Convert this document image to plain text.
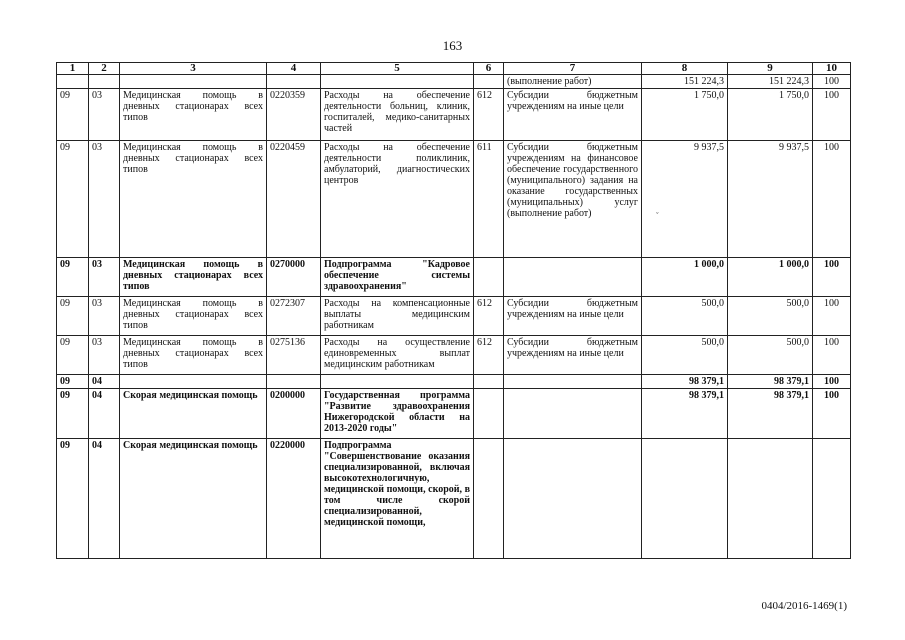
163
1	2	3	4	5	6	7	8	9	10
						(выполнение работ)	151 224,3	151 224,3	100
09	03	Медицинская помощь в дневных стационарах всех типов	0220359	Расходы на обеспечение деятельности больниц, клиник, госпиталей, медико-санитарных частей	612	Субсидии бюджетным учреждениям на иные цели	1 750,0	1 750,0	100
09	03	Медицинская помощь в дневных стационарах всех типов	0220459	Расходы на обеспечение деятельности поликлиник, амбулаторий, диагностических центров	611	Субсидии бюджетным учреждениям на финансовое обеспечение государственного (муниципального) задания на оказание государственных (муниципальных) услуг (выполнение работ)	9 937,5	9 937,5	100
09	03	Медицинская помощь в дневных стационарах всех типов	0270000	Подпрограмма "Кадровое обеспечение системы здравоохранения"			1 000,0	1 000,0	100
09	03	Медицинская помощь в дневных стационарах всех типов	0272307	Расходы на компенсационные выплаты медицинским работникам	612	Субсидии бюджетным учреждениям на иные цели	500,0	500,0	100
09	03	Медицинская помощь в дневных стационарах всех типов	0275136	Расходы на осуществление единовременных выплат медицинским работникам	612	Субсидии бюджетным учреждениям на иные цели	500,0	500,0	100
09	04						98 379,1	98 379,1	100
09	04	Скорая медицинская помощь	0200000	Государственная программа "Развитие здравоохранения Нижегородской области на 2013-2020 годы"			98 379,1	98 379,1	100
09	04	Скорая медицинская помощь	0220000	Подпрограмма "Совершенствование оказания специализированной, включая высокотехнологичную, медицинской помощи, скорой, в том числе скорой специализированной, медицинской помощи,					
ˇ
0404/2016-1469(1)
